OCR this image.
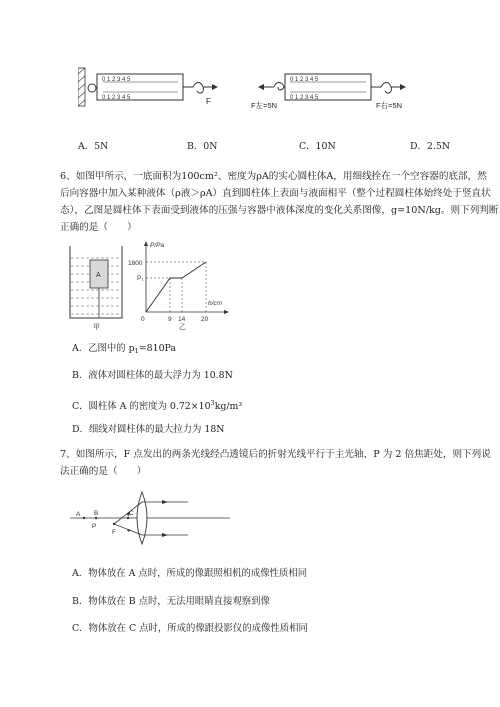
0 1 2 3 4 5
0 1 2 3 4 5	F
0 1 2 3 4 5
0 1 2 3 4 5
F左=5N	F右=5N
A．5N	B．0N	C．10N	D．2.5N
6、如图甲所示，一底面积为100cm²、密度为ρA的实心圆柱体A，用细线拴在一个空容器的底部，然
后向容器中加入某种液体（ρ液＞ρA）直到圆柱体上表面与液面相平（整个过程圆柱体始终处于竖直状
态），乙图是圆柱体下表面受到液体的压强与容器中液体深度的变化关系图像，g=10N/kg。则下列判断
正确的是（　　）
A
甲
P/Pa
1800
P₁
0	9 14 20
h/cm
乙
A．乙图中的 $p_1=810Pa$
B．液体对圆柱体的最大浮力为 10.8N
C．圆柱体 A 的密度为 $0.72\times 10^3kg/m^3$
D．细线对圆柱体的最大拉力为 18N
7、如图所示，F 点发出的两条光线经凸透镜后的折射光线平行于主光轴，P 为 2 倍焦距处，则下列说
法正确的是（　　）
A B
P
F
C
A．物体放在 A 点时，所成的像跟照相机的成像性质相同
B．物体放在 B 点时，无法用眼睛直接观察到像
C．物体放在 C 点时，所成的像跟投影仪的成像性质相同
